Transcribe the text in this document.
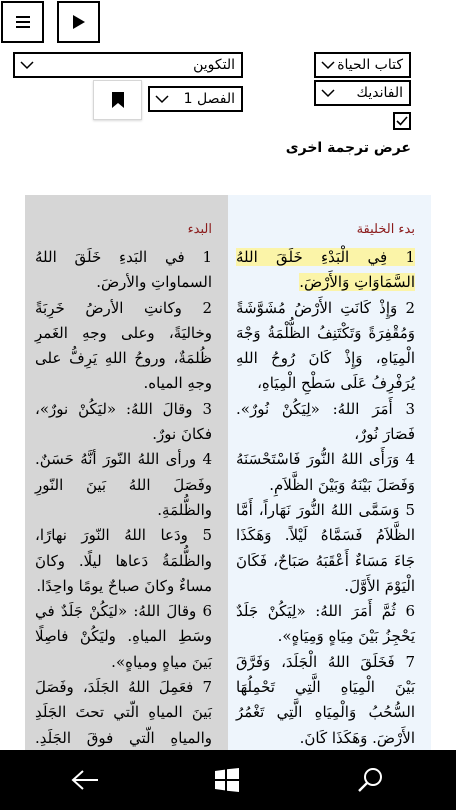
كتاب الحياة
الفانديك
التكوين
الفصل 1
عرض ترجمة اخرى
البدء
1 في البَدءِ خَلَقَ اللهُ السماواتِ والأرضَ.
2 وكانتِ الأرضُ خَرِبَةً وخاليَةً، وعلى وجهِ الغَمرِ ظُلمَةٌ، وروحُ اللهِ يَرِفُّ على وجهِ المياه.
3 وقالَ اللهُ: «ليَكُنْ نورٌ»، فكانَ نورٌ.
4 ورأى اللهُ النّورَ أنَّهُ حَسَنٌ. وفَصَلَ اللهُ بَينَ النّورِ والظُّلمَةِ.
5 ودَعا اللهُ النّورَ نهارًا، والظُّلمَةُ دَعاها ليلًا. وكانَ مساءٌ وكانَ صباحٌ يومًا واحِدًا.
6 وقالَ اللهُ: «ليَكُنْ جَلَدٌ في وسَطِ المياهِ. وليَكُنْ فاصِلًا بَينَ مياهٍ ومياهٍ».
7 فعَمِلَ اللهُ الجَلَدَ، وفَصَلَ بَينَ المياهِ الّتي تحتَ الجَلَدِ والمياهِ الّتي فوقَ الجَلَدِ.
بدء الخليقة
1 فِي الْبَدْءِ خَلَقَ اللهُ السَّمَاوَاتِ وَالأَرْضَ.
2 وَإِذْ كَانَتِ الأَرْضُ مُشَوَّشَةً وَمُقْفِرَةً وَتَكْتَنِفُ الظُّلْمَةُ وَجْهَ الْمِيَاهِ، وَإِذْ كَانَ رُوحُ اللهِ يُرَفْرِفُ عَلَى سَطْحِ الْمِيَاهِ،
3 أَمَرَ اللهُ: «لِيَكُنْ نُورٌ». فَصَارَ نُورٌ،
4 وَرَأَى اللهُ النُّورَ فَاسْتَحْسَنَهُ وَفَصَلَ بَيْنَهُ وَبَيْنَ الظَّلاَمِ.
5 وَسَمَّى اللهُ النُّورَ نَهَاراً، أَمَّا الظَّلاَمُ فَسَمَّاهُ لَيْلاً. وَهَكَذَا جَاءَ مَسَاءٌ أَعْقَبَهُ صَبَاحٌ، فَكَانَ الْيَوْمَ الأَوَّلَ.
6 ثُمَّ أَمَرَ اللهُ: «لِيَكُنْ جَلَدٌ يَحْجِزُ بَيْنَ مِيَاهٍ وَمِيَاهٍ».
7 فَخَلَقَ اللهُ الْجَلَدَ، وَفَرَّقَ بَيْنَ الْمِيَاهِ الَّتِي تَحْمِلُهَا السُّحُبُ وَالْمِيَاهِ الَّتِي تَغْمُرُ الأَرْضَ. وَهَكَذَا كَانَ.
